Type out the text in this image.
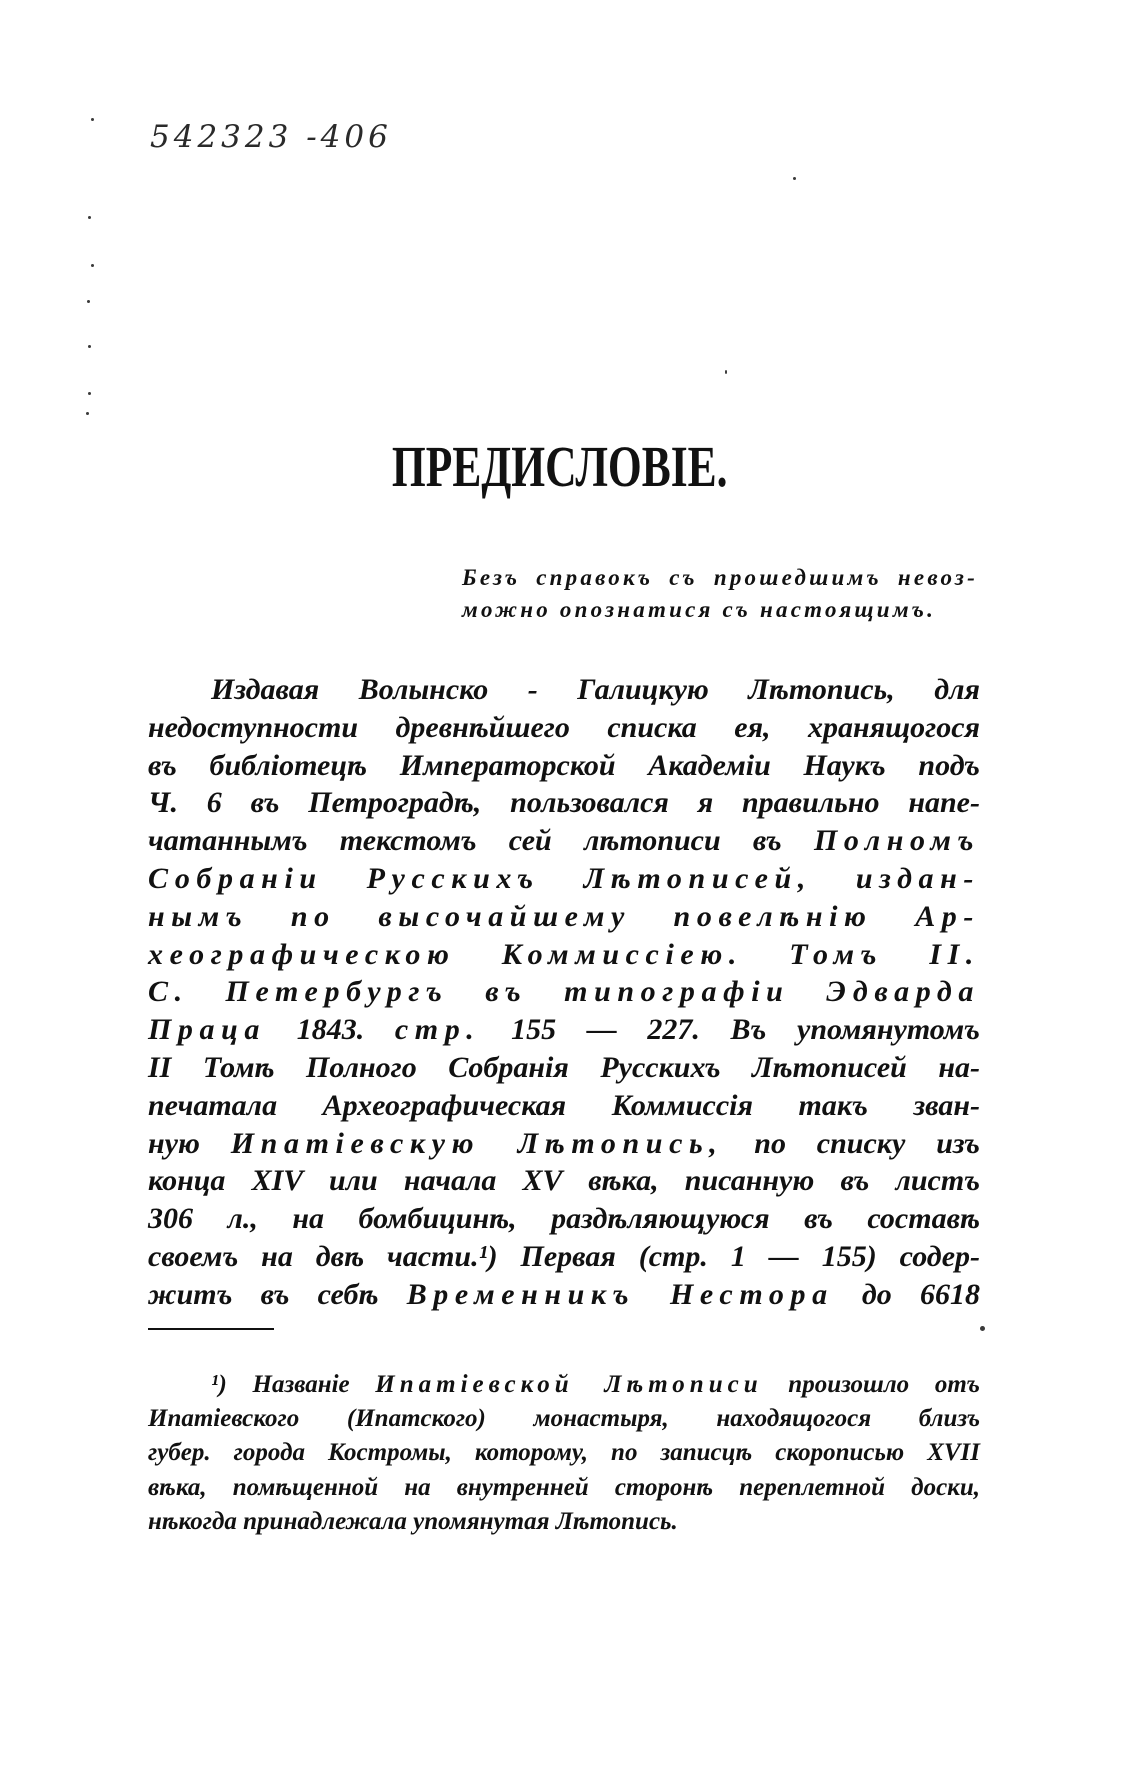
542323 -406
ПРЕДИСЛОВІЕ.
Безъ справокъ съ прошедшимъ невоз-
можно опознатися съ настоящимъ.
Издавая Волынско - Галицкую Лѣтопись, для
недоступности древнѣйшего списка ея, хранящогося
въ библіотецѣ Императорской Академіи Наукъ подъ
Ч. 6 въ Петроградѣ, пользовался я правильно напе-
чатаннымъ текстомъ сей лѣтописи въ Полномъ
Собраніи Русскихъ Лѣтописей, издан-
нымъ по высочайшему повелѣнію Ар-
хеографическою Коммиссіею. Томъ II.
С. Петербургъ въ типографіи Эдварда
Праца 1843. стр. 155 — 227. Въ упомянутомъ
II Томѣ Полного Собранія Русскихъ Лѣтописей на-
печатала Археографическая Коммиссія такъ зван-
ную Ипатіевскую Лѣтопись, по списку изъ
конца XIV или начала XV вѣка, писанную въ листъ
306 л., на бомбицинѣ, раздѣляющуюся въ составѣ
своемъ на двѣ части.¹) Первая (стр. 1 — 155) содер-
житъ въ себѣ Временникъ Нестора до 6618
¹) Названіе Ипатіевской Лѣтописи произошло отъ
Ипатіевского (Ипатского) монастыря, находящогося близъ
губер. города Костромы, которому, по записцѣ скорописью XVII
вѣка, помѣщенной на внутренней сторонѣ переплетной доски,
нѣкогда принадлежала упомянутая Лѣтопись.
